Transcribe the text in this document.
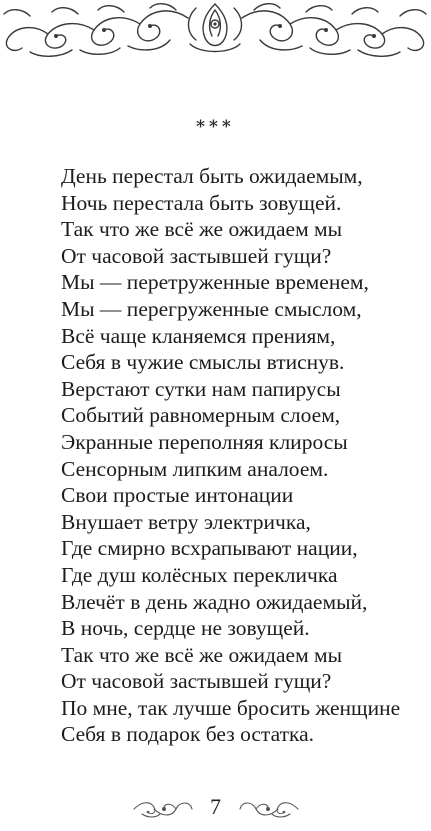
***
День перестал быть ожидаемым,
Ночь перестала быть зовущей.
Так что же всё же ожидаем мы
От часовой застывшей гущи?
Мы — перетруженные временем,
Мы — перегруженные смыслом,
Всё чаще кланяемся прениям,
Себя в чужие смыслы втиснув.
Верстают сутки нам папирусы
Событий равномерным слоем,
Экранные переполняя клиросы
Сенсорным липким аналоем.
Свои простые интонации
Внушает ветру электричка,
Где смирно всхрапывают нации,
Где душ колёсных перекличка
Влечёт в день жадно ожидаемый,
В ночь, сердце не зовущей.
Так что же всё же ожидаем мы
От часовой застывшей гущи?
По мне, так лучше бросить женщине
Себя в подарок без остатка.
7
